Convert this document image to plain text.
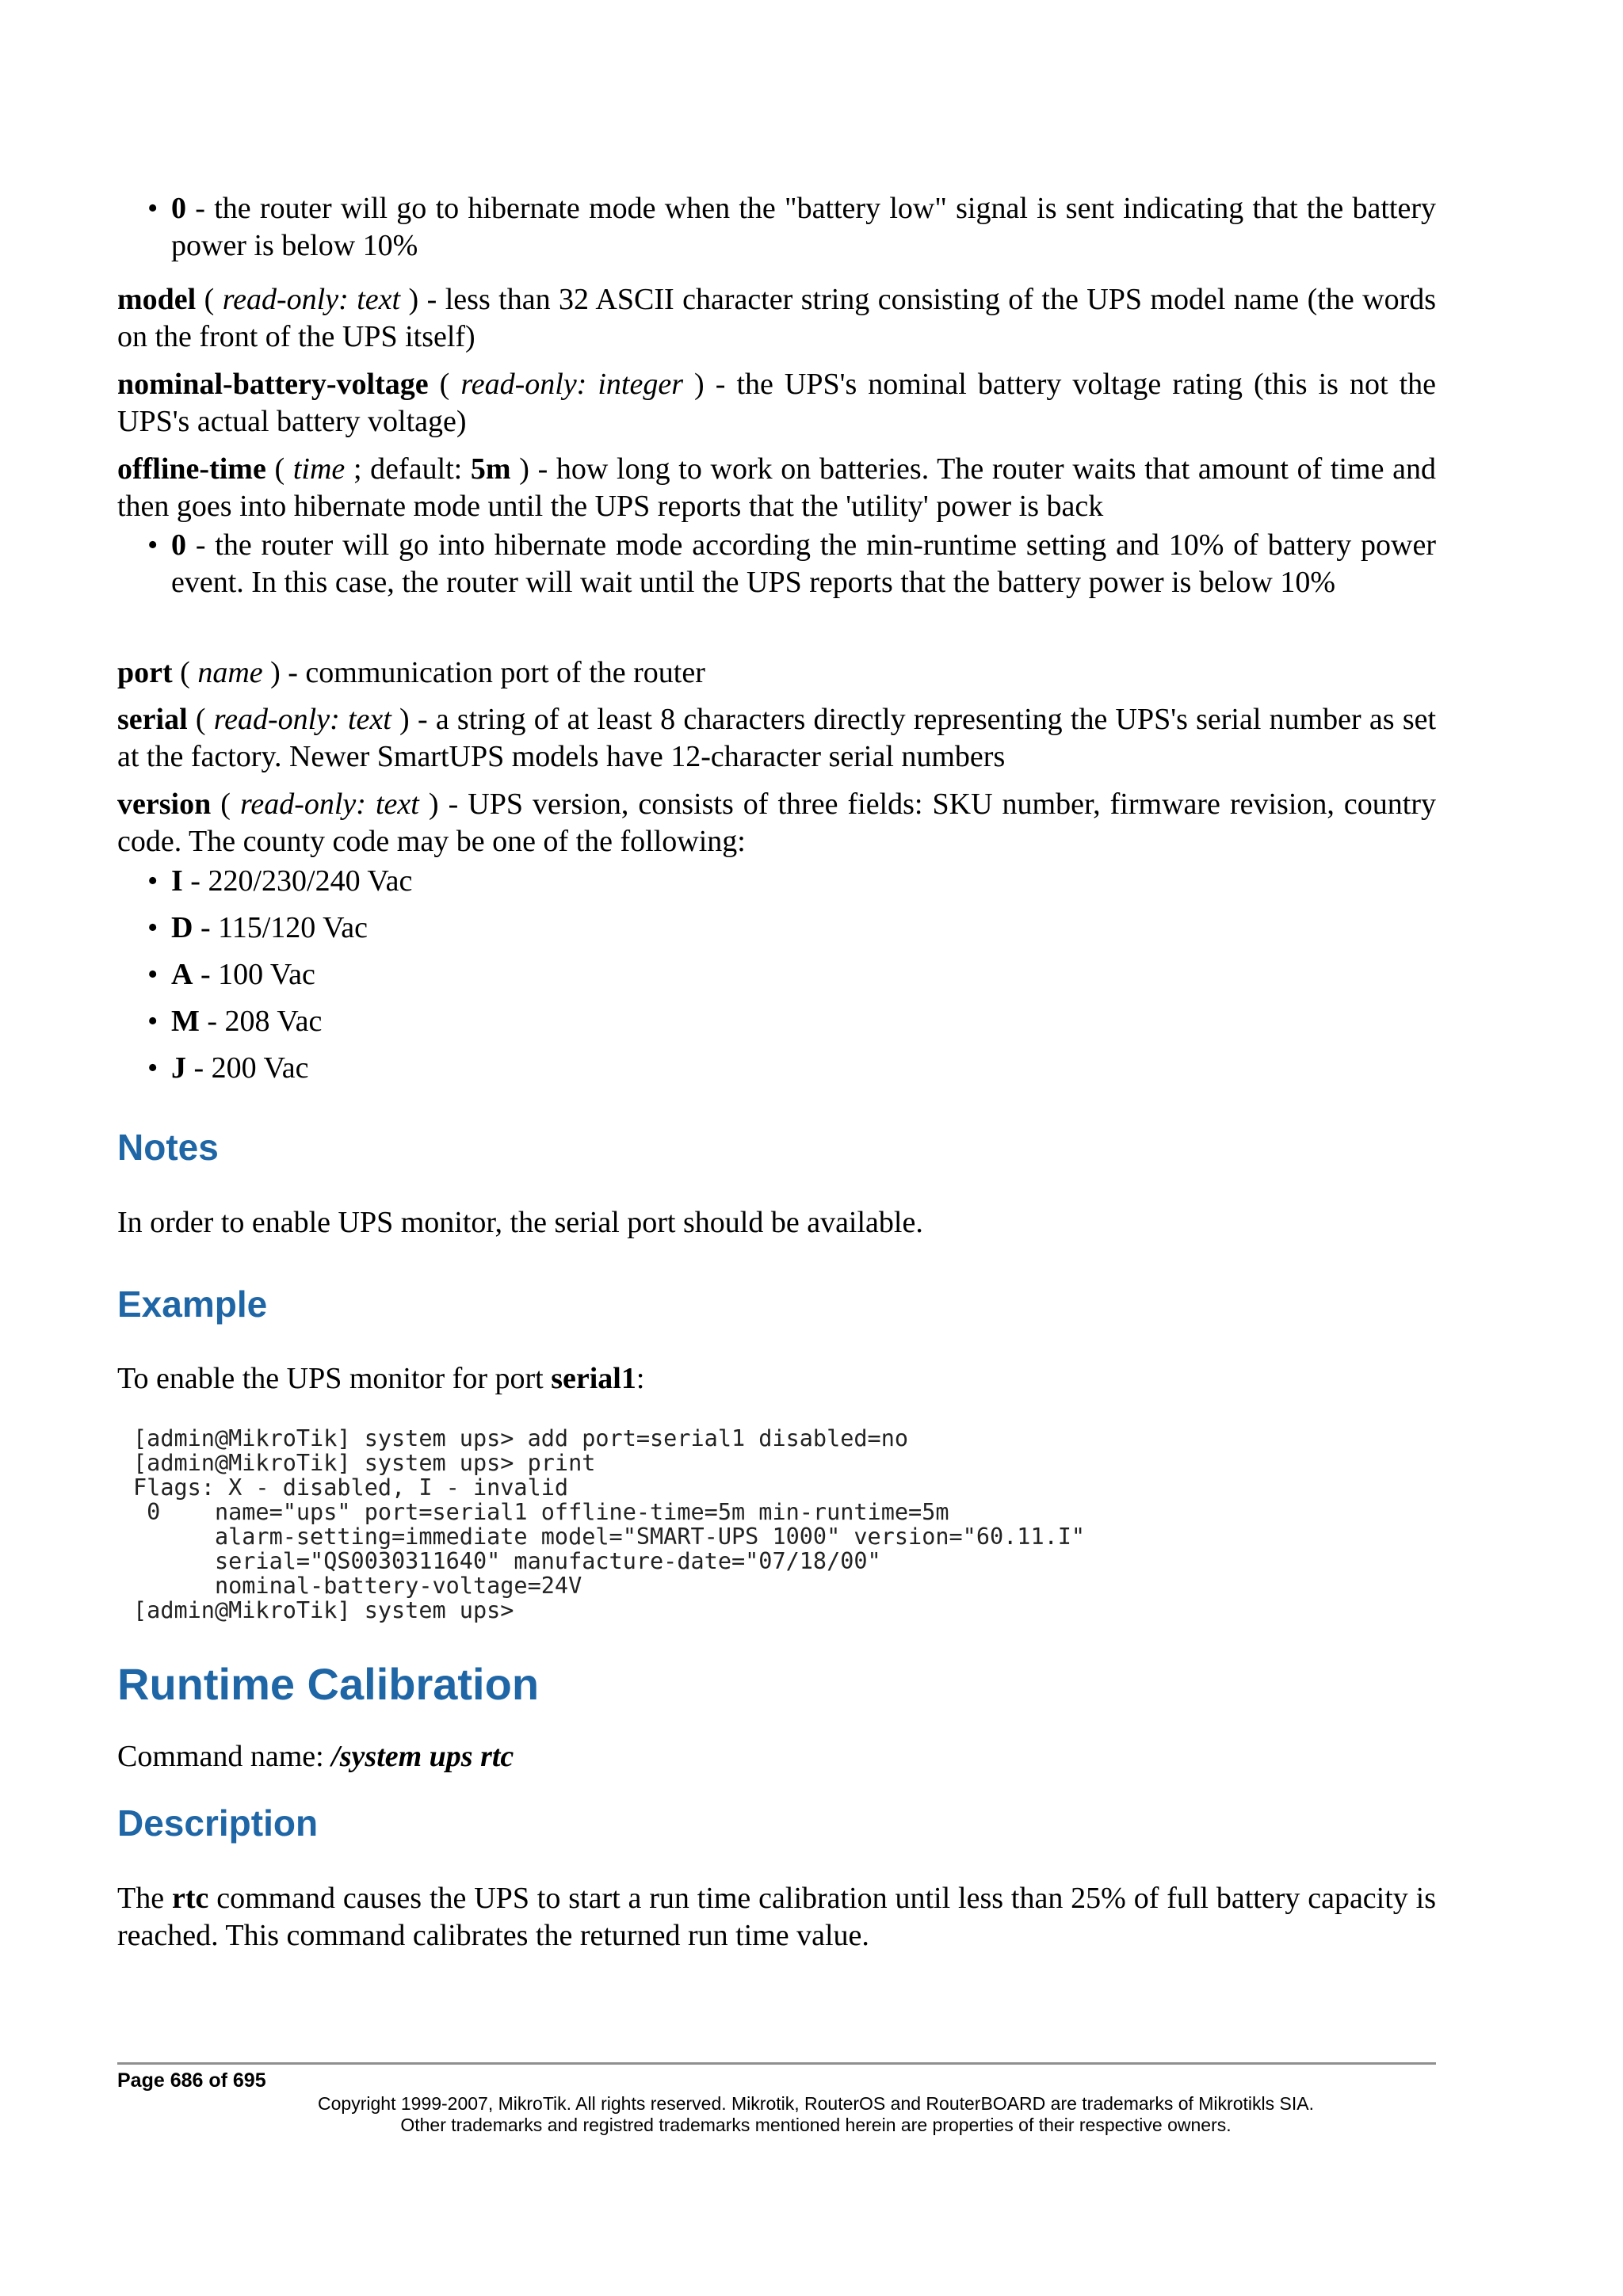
• 0 - the router will go to hibernate mode when the "battery low" signal is sent indicating that the battery power is below 10%
model ( read-only: text ) - less than 32 ASCII character string consisting of the UPS model name (the words on the front of the UPS itself)
nominal-battery-voltage ( read-only: integer ) - the UPS's nominal battery voltage rating (this is not the UPS's actual battery voltage)
offline-time ( time ; default: 5m ) - how long to work on batteries. The router waits that amount of time and then goes into hibernate mode until the UPS reports that the 'utility' power is back
• 0 - the router will go into hibernate mode according the min-runtime setting and 10% of battery power event. In this case, the router will wait until the UPS reports that the battery power is below 10%
port ( name ) - communication port of the router
serial ( read-only: text ) - a string of at least 8 characters directly representing the UPS's serial number as set at the factory. Newer SmartUPS models have 12-character serial numbers
version ( read-only: text ) - UPS version, consists of three fields: SKU number, firmware revision, country code. The county code may be one of the following:
• I - 220/230/240 Vac
• D - 115/120 Vac
• A - 100 Vac
• M - 208 Vac
• J - 200 Vac
Notes
In order to enable UPS monitor, the serial port should be available.
Example
To enable the UPS monitor for port serial1:
[admin@MikroTik] system ups> add port=serial1 disabled=no
[admin@MikroTik] system ups> print
Flags: X - disabled, I - invalid
0    name="ups" port=serial1 offline-time=5m min-runtime=5m
alarm-setting=immediate model="SMART-UPS 1000" version="60.11.I"
serial="QS0030311640" manufacture-date="07/18/00"
nominal-battery-voltage=24V
[admin@MikroTik] system ups>
Runtime Calibration
Command name: /system ups rtc
Description
The rtc command causes the UPS to start a run time calibration until less than 25% of full battery capacity is reached. This command calibrates the returned run time value.
Page 686 of 695
Copyright 1999-2007, MikroTik. All rights reserved. Mikrotik, RouterOS and RouterBOARD are trademarks of Mikrotikls SIA.
Other trademarks and registred trademarks mentioned herein are properties of their respective owners.
